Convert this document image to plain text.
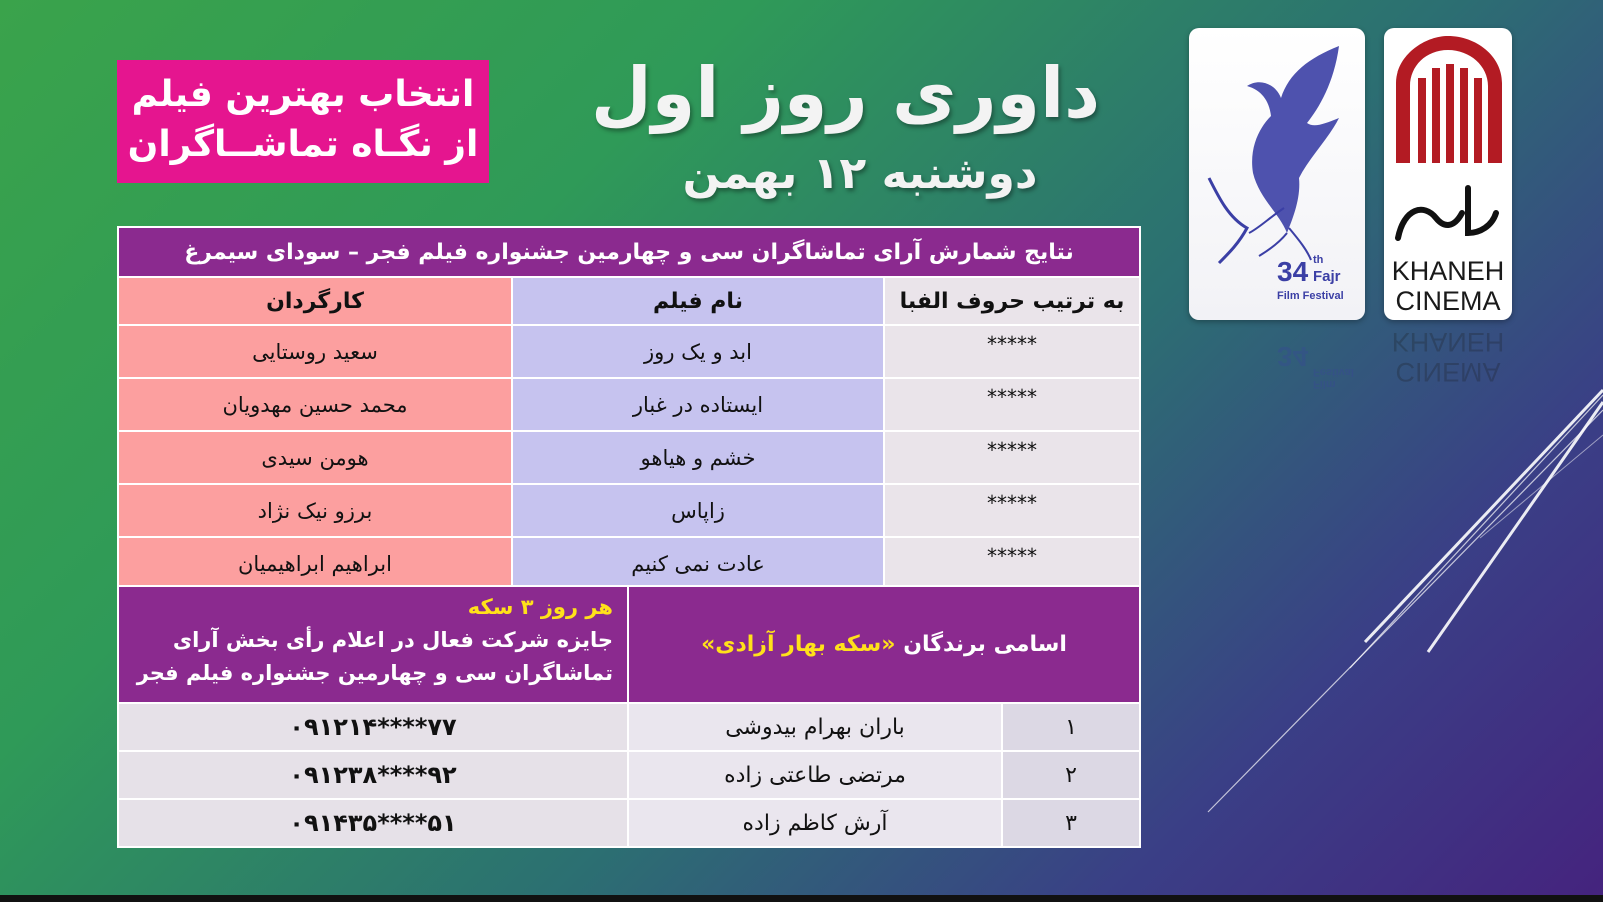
انتخاب بهترین فیلم
از نگـاه تماشــاگران
داوری روز اول
دوشنبه ۱۲ بهمن
نتایج شمارش آرای تماشاگران سی و چهارمین جشنواره فیلم فجر – سودای سیمرغ		
به ترتیب حروف الفبا	نام فیلم	کارگردان
*****	ابد و یک روز	سعید روستایی
*****	ایستاده در غبار	محمد حسین مهدویان
*****	خشم و هیاهو	هومن سیدی
*****	زاپاس	برزو نیک نژاد
*****	عادت نمی کنیم	ابراهیم ابراهیمیان
اسامی برندگان «سکه بهار آزادی»		هر روز ۳ سکه
جایزه شرکت فعال در اعلام رأی بخش آرای
تماشاگران سی و چهارمین جشنواره فیلم فجر

۱	باران بهرام بیدوشی	۰۹۱۲۱۴****۷۷
۲	مرتضی طاعتی زاده	۰۹۱۲۳۸****۹۲
۳	آرش کاظم زاده	۰۹۱۴۳۵****۵۱
34 th
Fajr
Film Festival
KHANEH
CINEMA
34
Film Festival	CINEMA
KHANEH
